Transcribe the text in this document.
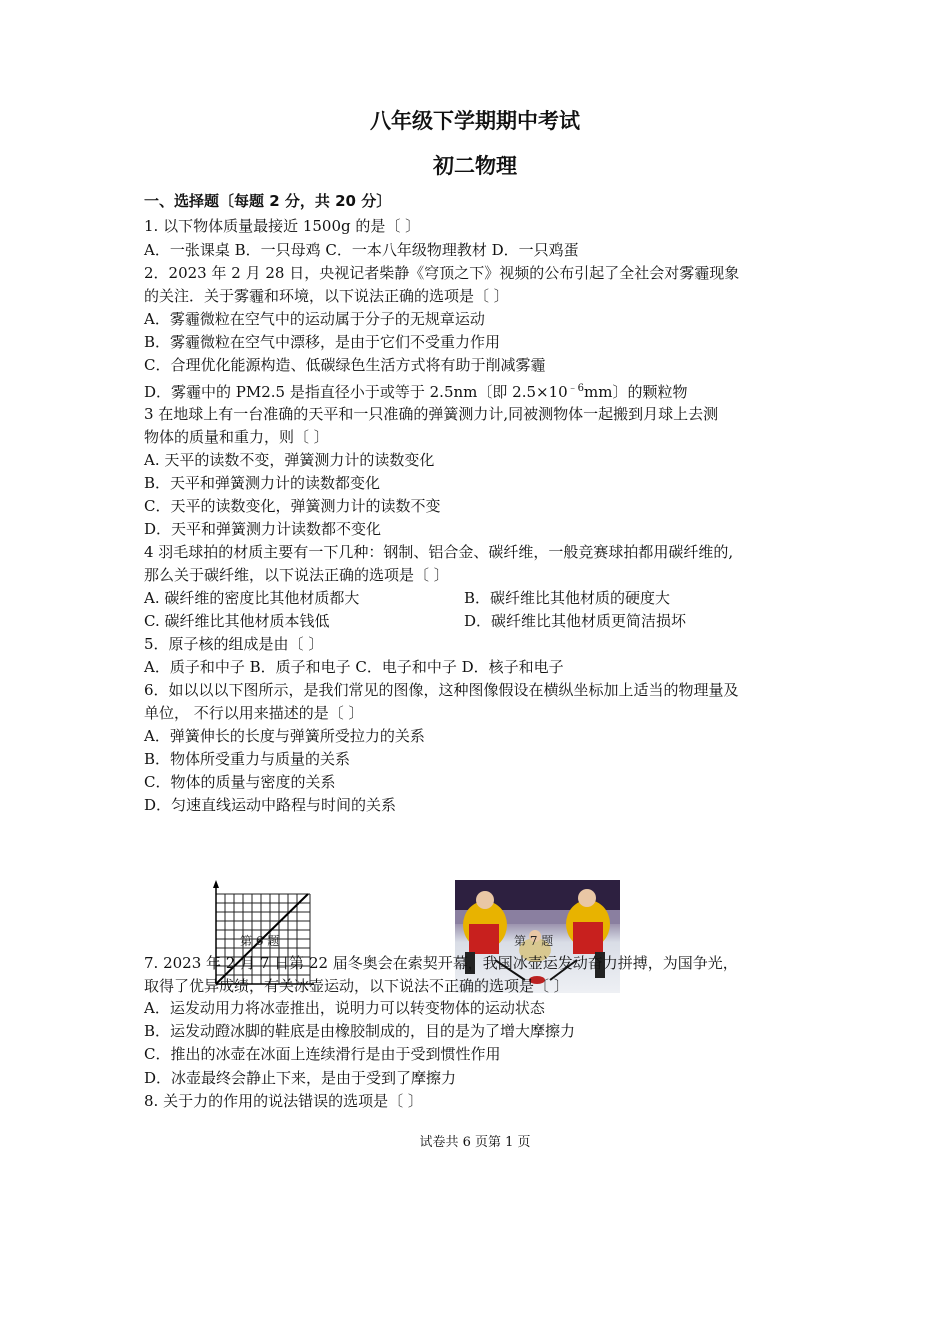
八年级下学期期中考试
初二物理
一、选择题〔每题 2 分，共 20 分〕
1. 以下物体质量最接近 1500g 的是〔 〕
A．一张课桌 B．一只母鸡 C．一本八年级物理教材 D．一只鸡蛋
2．2023 年 2 月 28 日，央视记者柴静《穹顶之下》视频的公布引起了全社会对雾霾现象
的关注．关于雾霾和环境，以下说法正确的选项是〔 〕
A．雾霾微粒在空气中的运动属于分子的无规章运动
B．雾霾微粒在空气中漂移，是由于它们不受重力作用
C．合理优化能源构造、低碳绿色生活方式将有助于削减雾霾
D．雾霾中的 PM2.5 是指直径小于或等于 2.5nm〔即 $2.5\times 10^{﹣6}mm$〕的颗粒物
3 在地球上有一台准确的天平和一只准确的弹簧测力计,同被测物体一起搬到月球上去测
物体的质量和重力，则〔 〕
A. 天平的读数不变，弹簧测力计的读数变化
B．天平和弹簧测力计的读数都变化
C．天平的读数变化，弹簧测力计的读数不变
D．天平和弹簧测力计读数都不变化
4 羽毛球拍的材质主要有一下几种：钢制、铝合金、碳纤维，一般竞赛球拍都用碳纤维的,
那么关于碳纤维，以下说法正确的选项是〔 〕
A. 碳纤维的密度比其他材质都大	B．碳纤维比其他材质的硬度大
C. 碳纤维比其他材质本钱低	D．碳纤维比其他材质更简洁损坏
5．原子核的组成是由〔 〕
A．质子和中子 B．质子和电子 C．电子和中子 D．核子和电子
6．如以以以下图所示，是我们常见的图像，这种图像假设在横纵坐标加上适当的物理量及
单位， 不行以用来描述的是〔 〕
A．弹簧伸长的长度与弹簧所受拉力的关系
B．物体所受重力与质量的关系
C．物体的质量与密度的关系
D．匀速直线运动中路程与时间的关系
第 6 题	第 7 题
7. 2023 年 2 月 7 日第 22 届冬奥会在索契开幕，我国冰壶运发动奋力拼搏，为国争光，
取得了优异成绩，有关冰壶运动，以下说法不正确的选项是〔 〕
A．运发动用力将冰壶推出，说明力可以转变物体的运动状态
B．运发动蹬冰脚的鞋底是由橡胶制成的，目的是为了增大摩擦力
C．推出的冰壶在冰面上连续滑行是由于受到惯性作用
D．冰壶最终会静止下来，是由于受到了摩擦力
8. 关于力的作用的说法错误的选项是〔 〕
试卷共 6 页第 1 页
